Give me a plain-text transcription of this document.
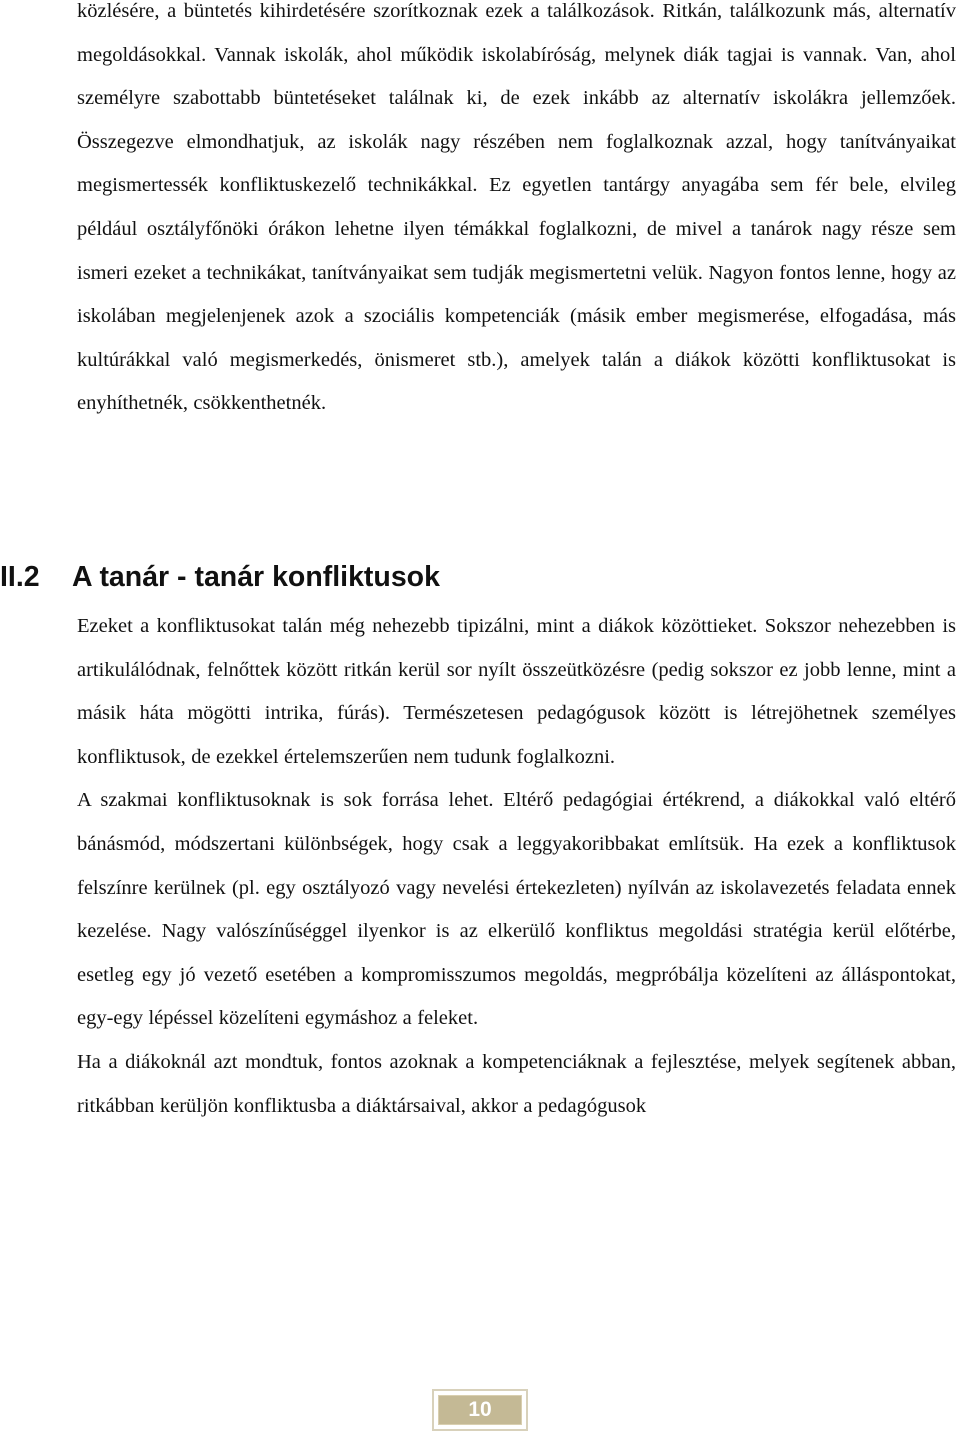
közlésére, a büntetés kihirdetésére szorítkoznak ezek a találkozások. Ritkán, találkozunk más, alternatív megoldásokkal. Vannak iskolák, ahol működik iskolabíróság, melynek diák tagjai is vannak. Van, ahol személyre szabottabb büntetéseket találnak ki, de ezek inkább az alternatív iskolákra jellemzőek. Összegezve elmondhatjuk, az iskolák nagy részében nem foglalkoznak azzal, hogy tanítványaikat megismertessék konfliktuskezelő technikákkal. Ez egyetlen tantárgy anyagába sem fér bele, elvileg például osztályfőnöki órákon lehetne ilyen témákkal foglalkozni, de mivel a tanárok nagy része sem ismeri ezeket a technikákat, tanítványaikat sem tudják megismertetni velük. Nagyon fontos lenne, hogy az iskolában megjelenjenek azok a szociális kompetenciák (másik ember megismerése, elfogadása, más kultúrákkal való megismerkedés, önismeret stb.), amelyek talán a diákok közötti konfliktusokat is enyhíthetnék, csökkenthetnék.

II.2 A tanár - tanár konfliktusok

Ezeket a konfliktusokat talán még nehezebb tipizálni, mint a diákok közöttieket. Sokszor nehezebben is artikulálódnak, felnőttek között ritkán kerül sor nyílt összeütközésre (pedig sokszor ez jobb lenne, mint a másik háta mögötti intrika, fúrás). Természetesen pedagógusok között is létrejöhetnek személyes konfliktusok, de ezekkel értelemszerűen nem tudunk foglalkozni.

A szakmai konfliktusoknak is sok forrása lehet. Eltérő pedagógiai értékrend, a diákokkal való eltérő bánásmód, módszertani különbségek, hogy csak a leggyakoribbakat említsük. Ha ezek a konfliktusok felszínre kerülnek (pl. egy osztályozó vagy nevelési értekezleten) nyílván az iskolavezetés feladata ennek kezelése. Nagy valószínűséggel ilyenkor is az elkerülő konfliktus megoldási stratégia kerül előtérbe, esetleg egy jó vezető esetében a kompromisszumos megoldás, megpróbálja közelíteni az álláspontokat, egy-egy lépéssel közelíteni egymáshoz a feleket.

Ha a diákoknál azt mondtuk, fontos azoknak a kompetenciáknak a fejlesztése, melyek segítenek abban, ritkábban kerüljön konfliktusba a diáktársaival, akkor a pedagógusok

10
